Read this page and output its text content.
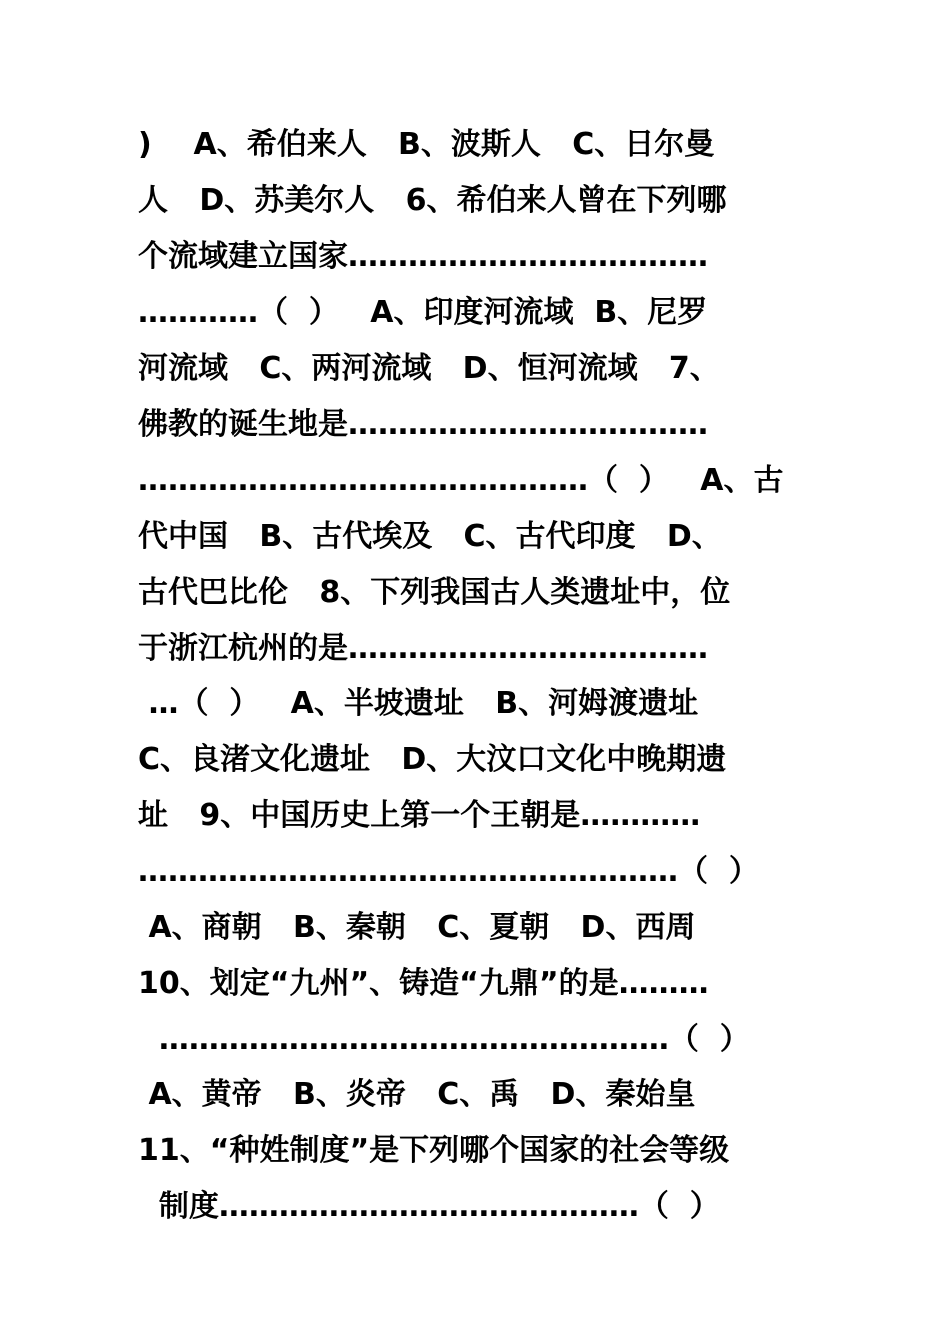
)    A、希伯来人   B、波斯人   C、日尔曼
人   D、苏美尔人   6、希伯来人曾在下列哪
个流域建立国家………………………………
…………（  ）   A、印度河流域  B、尼罗
河流域   C、两河流域   D、恒河流域   7、
佛教的诞生地是………………………………
………………………………………（  ）   A、古
代中国   B、古代埃及   C、古代印度   D、
古代巴比伦   8、下列我国古人类遗址中，位
于浙江杭州的是………………………………
…（  ）   A、半坡遗址   B、河姆渡遗址
C、良渚文化遗址   D、大汶口文化中晚期遗
址   9、中国历史上第一个王朝是…………
………………………………………………（  ）
A、商朝   B、秦朝   C、夏朝   D、西周
10、划定“九州”、铸造“九鼎”的是………
……………………………………………（  ）
A、黄帝   B、炎帝   C、禹   D、秦始皇
11、“种姓制度”是下列哪个国家的社会等级
制度……………………………………（  ）
